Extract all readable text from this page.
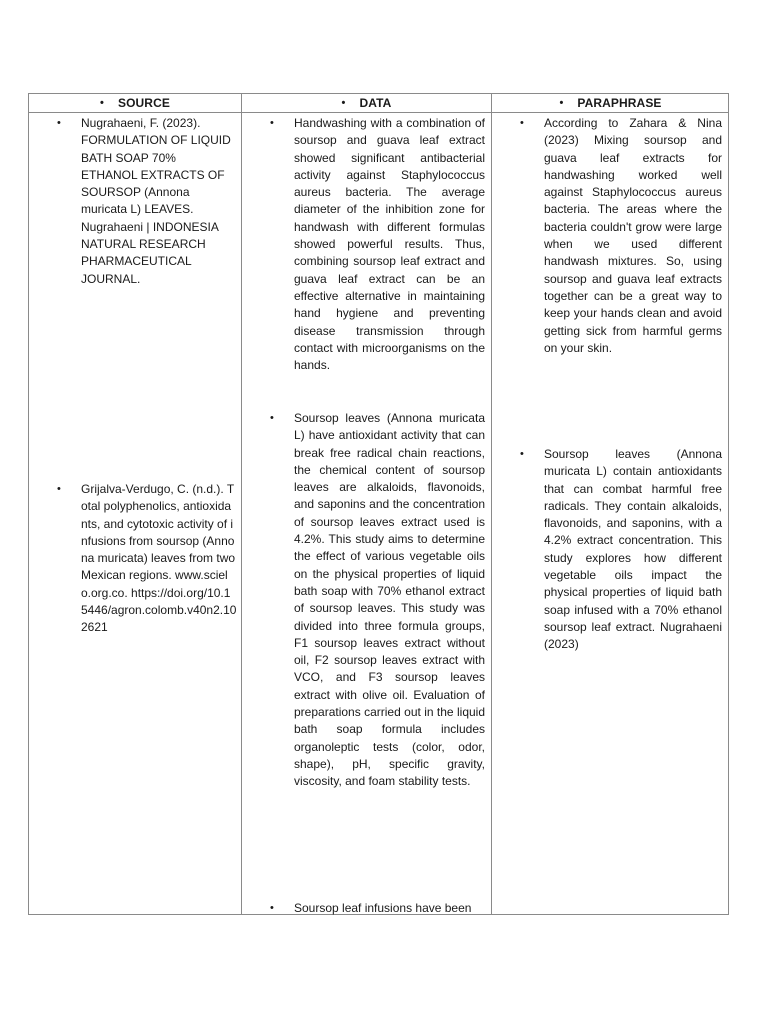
• SOURCE	• DATA	• PARAPHRASE
• Nugrahaeni, F. (2023). FORMULATION OF LIQUID BATH SOAP 70% ETHANOL EXTRACTS OF SOURSOP (Annona muricata L) LEAVES. Nugrahaeni | INDONESIA NATURAL RESEARCH PHARMACEUTICAL JOURNAL.
• Grijalva-Verdugo, C. (n.d.). Total polyphenolics, antioxidants, and cytotoxic activity of infusions from soursop (Annona muricata) leaves from two Mexican regions. www.scielo.org.co. https://doi.org/10.15446/agron.colomb.v40n2.102621
• Handwashing with a combination of soursop and guava leaf extract showed significant antibacterial activity against Staphylococcus aureus bacteria. The average diameter of the inhibition zone for handwash with different formulas showed powerful results. Thus, combining soursop leaf extract and guava leaf extract can be an effective alternative in maintaining hand hygiene and preventing disease transmission through contact with microorganisms on the hands.
• Soursop leaves (Annona muricata L) have antioxidant activity that can break free radical chain reactions, the chemical content of soursop leaves are alkaloids, flavonoids, and saponins and the concentration of soursop leaves extract used is 4.2%. This study aims to determine the effect of various vegetable oils on the physical properties of liquid bath soap with 70% ethanol extract of soursop leaves. This study was divided into three formula groups, F1 soursop leaves extract without oil, F2 soursop leaves extract with VCO, and F3 soursop leaves extract with olive oil. Evaluation of preparations carried out in the liquid bath soap formula includes organoleptic tests (color, odor, shape), pH, specific gravity, viscosity, and foam stability tests.
• Soursop leaf infusions have been
• According to Zahara & Nina (2023) Mixing soursop and guava leaf extracts for handwashing worked well against Staphylococcus aureus bacteria. The areas where the bacteria couldn't grow were large when we used different handwash mixtures. So, using soursop and guava leaf extracts together can be a great way to keep your hands clean and avoid getting sick from harmful germs on your skin.
• Soursop leaves (Annona muricata L) contain antioxidants that can combat harmful free radicals. They contain alkaloids, flavonoids, and saponins, with a 4.2% extract concentration. This study explores how different vegetable oils impact the physical properties of liquid bath soap infused with a 70% ethanol soursop leaf extract. Nugrahaeni (2023)
